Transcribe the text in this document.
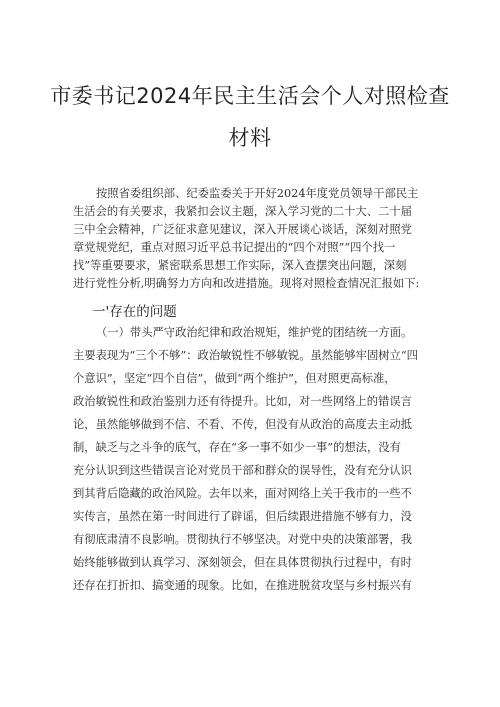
市委书记2024年民主生活会个人对照检查
材料
按照省委组织部、纪委监委关于开好2024年度党员领导干部民主
生活会的有关要求，我紧扣会议主题，深入学习党的二十大、二十届
三中全会精神，广泛征求意见建议，深入开展谈心谈话，深刻对照党
章党规党纪，重点对照习近平总书记提出的“四个对照”“四个找一
找”等重要要求，紧密联系思想工作实际，深入查摆突出问题，深刻
一'存在的问题
（一）带头严守政治纪律和政治规矩，维护党的团结统一方面。
主要表现为“三个不够”：政治敏锐性不够敏锐。虽然能够牢固树立“四
个意识”，坚定“四个自信”，做到“两个维护”，但对照更高标准，
政治敏锐性和政治鉴别力还有待提升。比如，对一些网络上的错误言
论，虽然能够做到不信、不看、不传，但没有从政治的高度去主动抵
制，缺乏与之斗争的底气，存在“多一事不如少一事”的想法，没有
充分认识到这些错误言论对党员干部和群众的误导性，没有充分认识
到其背后隐藏的政治风险。去年以来，面对网络上关于我市的一些不
实传言，虽然在第一时间进行了辟谣，但后续跟进措施不够有力，没
有彻底肃清不良影响。贯彻执行不够坚决。对党中央的决策部署，我
始终能够做到认真学习、深刻领会，但在具体贯彻执行过程中，有时
还存在打折扣、搞变通的现象。比如，在推进脱贫攻坚与乡村振兴有
进行党性分析,明确努力方向和改进措施。现将对照检查情况汇报如下:
